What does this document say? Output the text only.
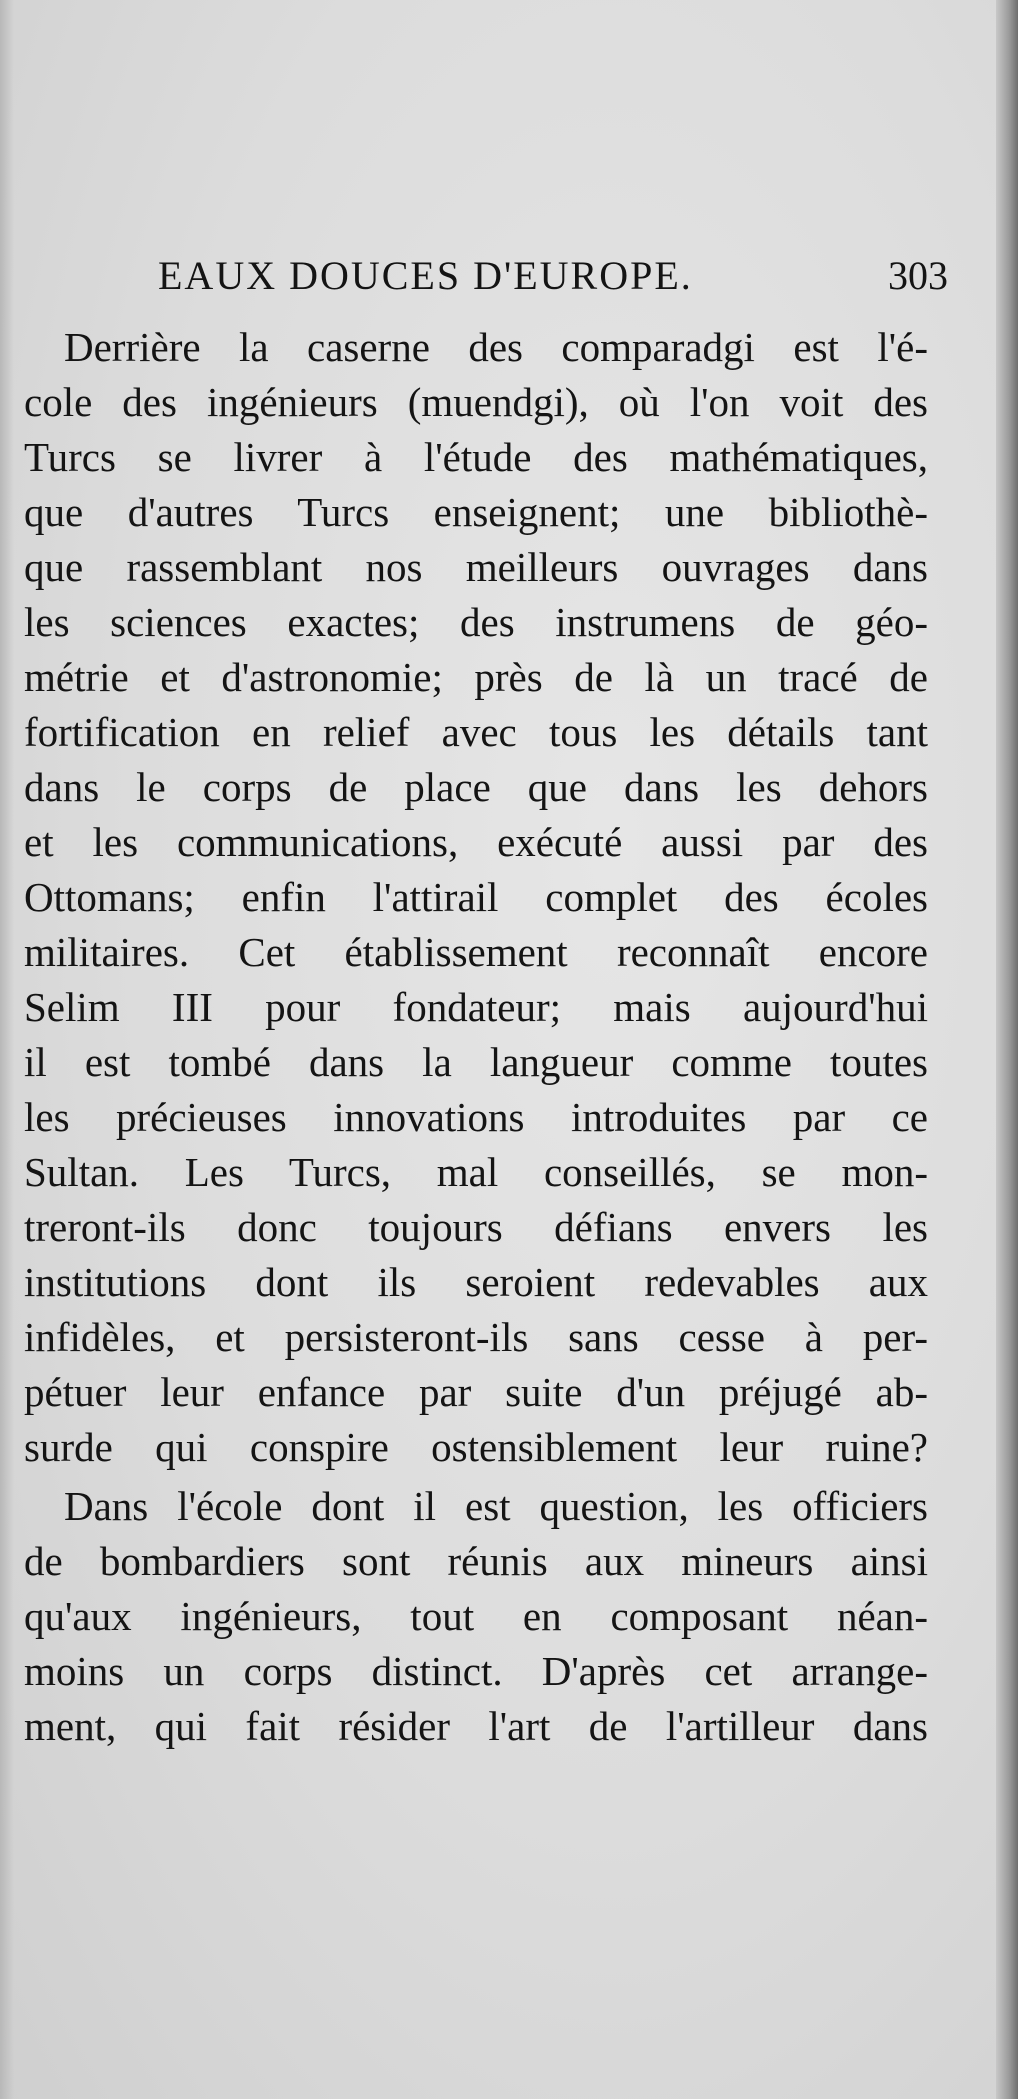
EAUX DOUCES D'EUROPE.	303
Derrière la caserne des comparadgi est l'é-
cole des ingénieurs (muendgi), où l'on voit des
Turcs se livrer à l'étude des mathématiques,
que d'autres Turcs enseignent; une bibliothè-
que rassemblant nos meilleurs ouvrages dans
les sciences exactes; des instrumens de géo-
métrie et d'astronomie; près de là un tracé de
fortification en relief avec tous les détails tant
dans le corps de place que dans les dehors
et les communications, exécuté aussi par des
Ottomans; enfin l'attirail complet des écoles
militaires. Cet établissement reconnaît encore
Selim III pour fondateur; mais aujourd'hui
il est tombé dans la langueur comme toutes
les précieuses innovations introduites par ce
Sultan. Les Turcs, mal conseillés, se mon-
treront-ils donc toujours défians envers les
institutions dont ils seroient redevables aux
infidèles, et persisteront-ils sans cesse à per-
pétuer leur enfance par suite d'un préjugé ab-
surde qui conspire ostensiblement leur ruine?
Dans l'école dont il est question, les officiers
de bombardiers sont réunis aux mineurs ainsi
qu'aux ingénieurs, tout en composant néan-
moins un corps distinct. D'après cet arrange-
ment, qui fait résider l'art de l'artilleur dans
